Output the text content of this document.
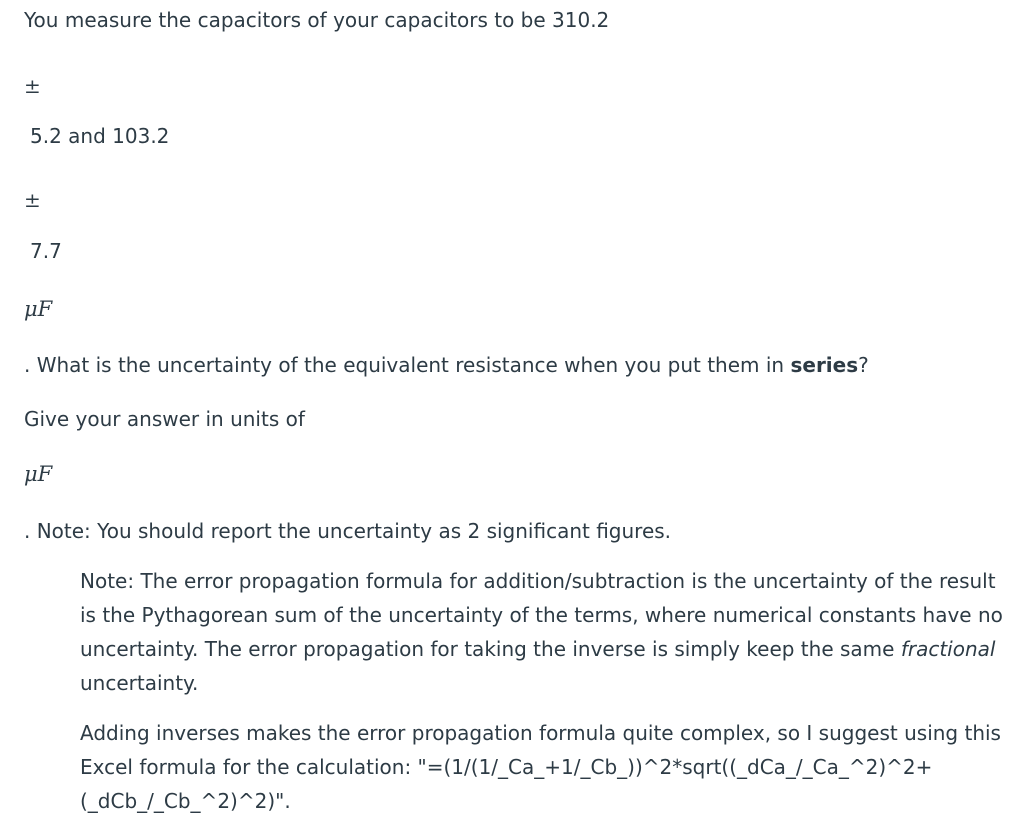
You measure the capacitors of your capacitors to be 310.2
±
5.2 and 103.2
±
7.7
μF
. What is the uncertainty of the equivalent resistance when you put them in series?
Give your answer in units of
μF
. Note: You should report the uncertainty as 2 significant figures.

Note: The error propagation formula for addition/subtraction is the uncertainty of the result is the Pythagorean sum of the uncertainty of the terms, where numerical constants have no uncertainty. The error propagation for taking the inverse is simply keep the same fractional uncertainty.

Adding inverses makes the error propagation formula quite complex, so I suggest using this Excel formula for the calculation: "=(1/(1/_Ca_+1/_Cb_))^2*sqrt((_dCa_/_Ca_^2)^2+(_dCb_/_Cb_^2)^2)".
